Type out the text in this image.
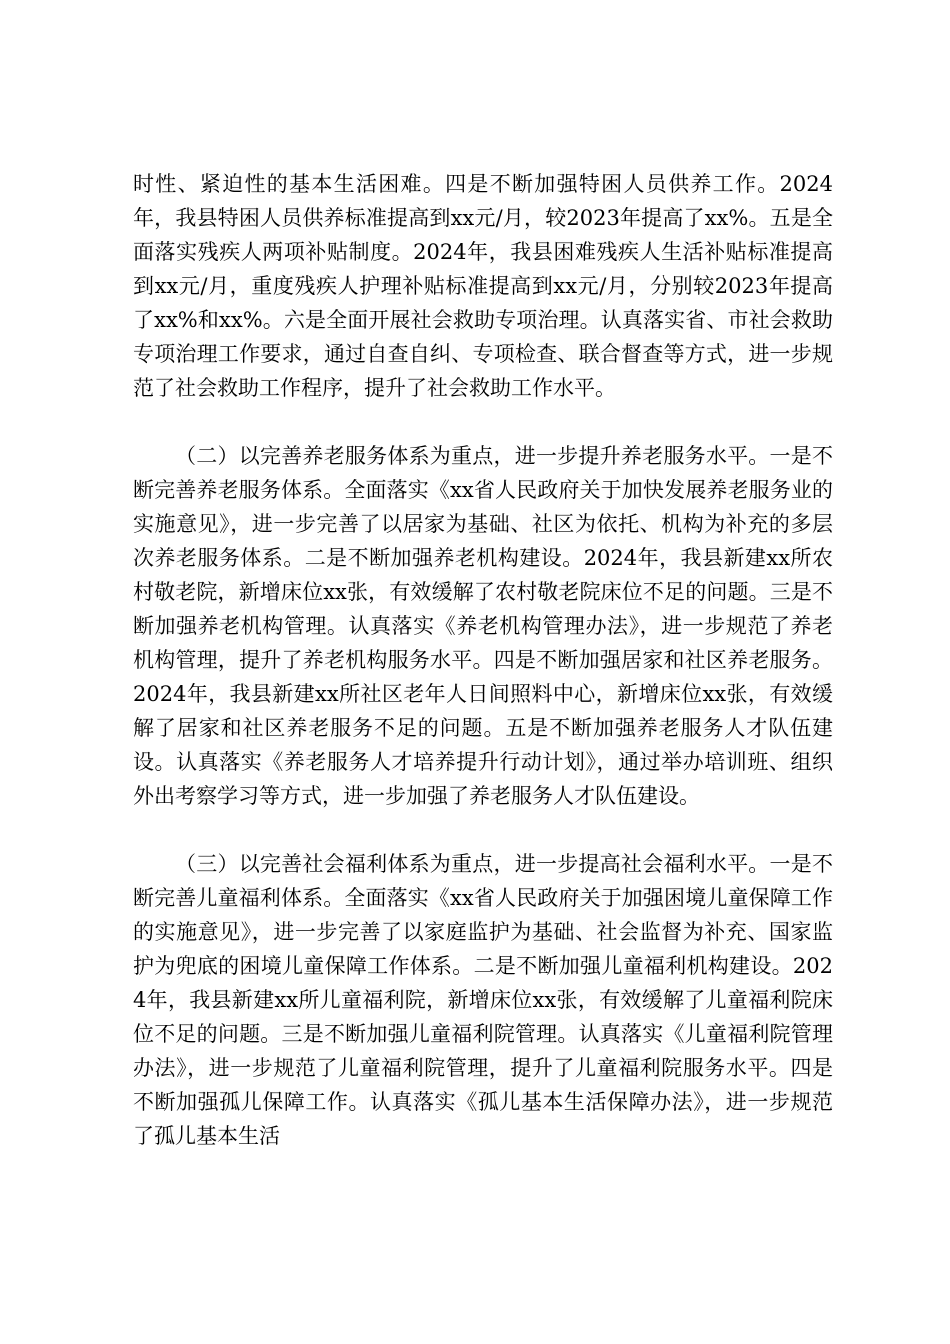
时性、紧迫性的基本生活困难。四是不断加强特困人员供养工作。2024年，我县特困人员供养标准提高到xx元/月，较2023年提高了xx%。五是全面落实残疾人两项补贴制度。2024年，我县困难残疾人生活补贴标准提高到xx元/月，重度残疾人护理补贴标准提高到xx元/月，分别较2023年提高了xx%和xx%。六是全面开展社会救助专项治理。认真落实省、市社会救助专项治理工作要求，通过自查自纠、专项检查、联合督查等方式，进一步规范了社会救助工作程序，提升了社会救助工作水平。

（二）以完善养老服务体系为重点，进一步提升养老服务水平。一是不断完善养老服务体系。全面落实《xx省人民政府关于加快发展养老服务业的实施意见》，进一步完善了以居家为基础、社区为依托、机构为补充的多层次养老服务体系。二是不断加强养老机构建设。2024年，我县新建xx所农村敬老院，新增床位xx张，有效缓解了农村敬老院床位不足的问题。三是不断加强养老机构管理。认真落实《养老机构管理办法》，进一步规范了养老机构管理，提升了养老机构服务水平。四是不断加强居家和社区养老服务。2024年，我县新建xx所社区老年人日间照料中心，新增床位xx张，有效缓解了居家和社区养老服务不足的问题。五是不断加强养老服务人才队伍建设。认真落实《养老服务人才培养提升行动计划》，通过举办培训班、组织外出考察学习等方式，进一步加强了养老服务人才队伍建设。

（三）以完善社会福利体系为重点，进一步提高社会福利水平。一是不断完善儿童福利体系。全面落实《xx省人民政府关于加强困境儿童保障工作的实施意见》，进一步完善了以家庭监护为基础、社会监督为补充、国家监护为兜底的困境儿童保障工作体系。二是不断加强儿童福利机构建设。2024年，我县新建xx所儿童福利院，新增床位xx张，有效缓解了儿童福利院床位不足的问题。三是不断加强儿童福利院管理。认真落实《儿童福利院管理办法》，进一步规范了儿童福利院管理，提升了儿童福利院服务水平。四是不断加强孤儿保障工作。认真落实《孤儿基本生活保障办法》，进一步规范了孤儿基本生活
